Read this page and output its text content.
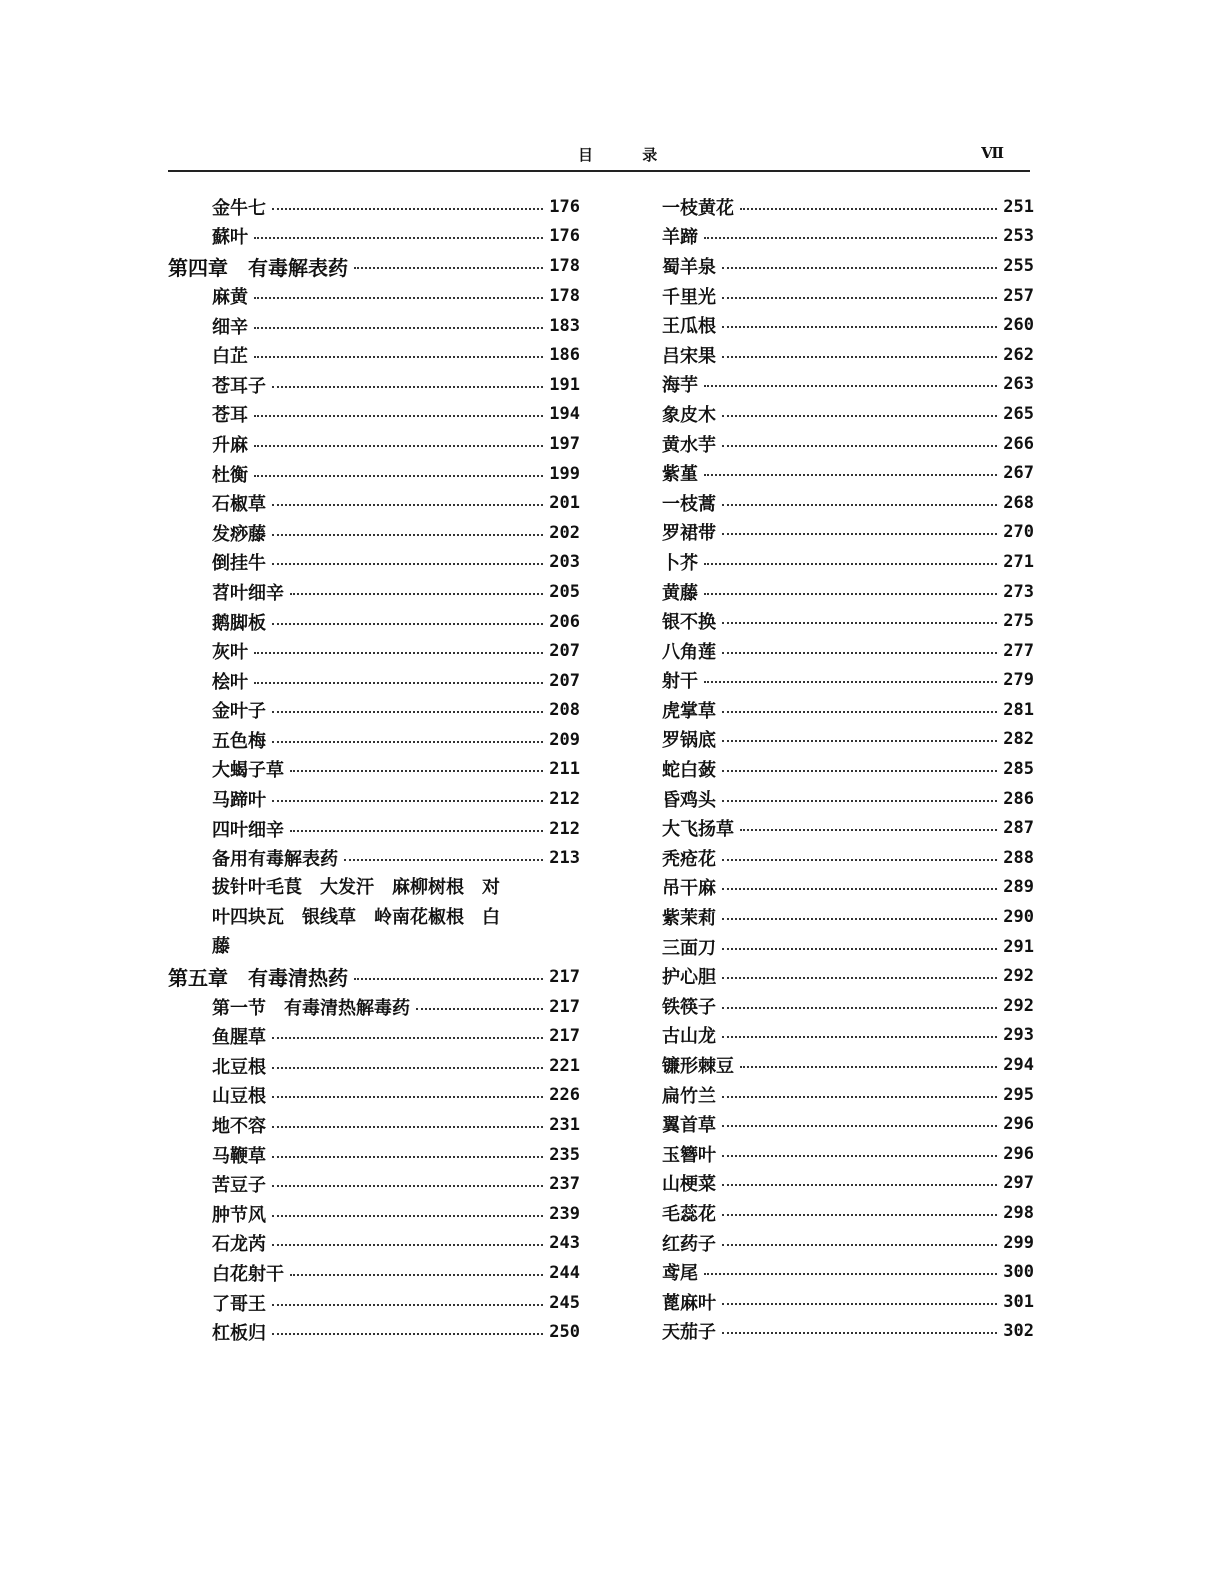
目 录	Ⅶ
金牛七	176
蘇叶	176
第四章　有毒解表药	178
麻黄	178
细辛	183
白芷	186
苍耳子	191
苍耳	194
升麻	197
杜衡	199
石椒草	201
发痧藤	202
倒挂牛	203
苕叶细辛	205
鹅脚板	206
灰叶	207
桧叶	207
金叶子	208
五色梅	209
大蝎子草	211
马蹄叶	212
四叶细辛	212
备用有毒解表药	213
拔针叶毛茛　大发汗　麻柳树根　对
叶四块瓦　银线草　岭南花椒根　白
藤
第五章　有毒清热药	217
第一节　有毒清热解毒药	217
鱼腥草	217
北豆根	221
山豆根	226
地不容	231
马鞭草	235
苦豆子	237
肿节风	239
石龙芮	243
白花射干	244
了哥王	245
杠板归	250
一枝黄花	251
羊蹄	253
蜀羊泉	255
千里光	257
王瓜根	260
吕宋果	262
海芋	263
象皮木	265
黄水芋	266
紫堇	267
一枝蒿	268
罗裙带	270
卜芥	271
黄藤	273
银不换	275
八角莲	277
射干	279
虎掌草	281
罗锅底	282
蛇白蔹	285
昏鸡头	286
大飞扬草	287
秃疮花	288
吊干麻	289
紫茉莉	290
三面刀	291
护心胆	292
铁筷子	292
古山龙	293
镰形棘豆	294
扁竹兰	295
翼首草	296
玉簪叶	296
山梗菜	297
毛蕊花	298
红药子	299
鸢尾	300
蓖麻叶	301
天茄子	302
